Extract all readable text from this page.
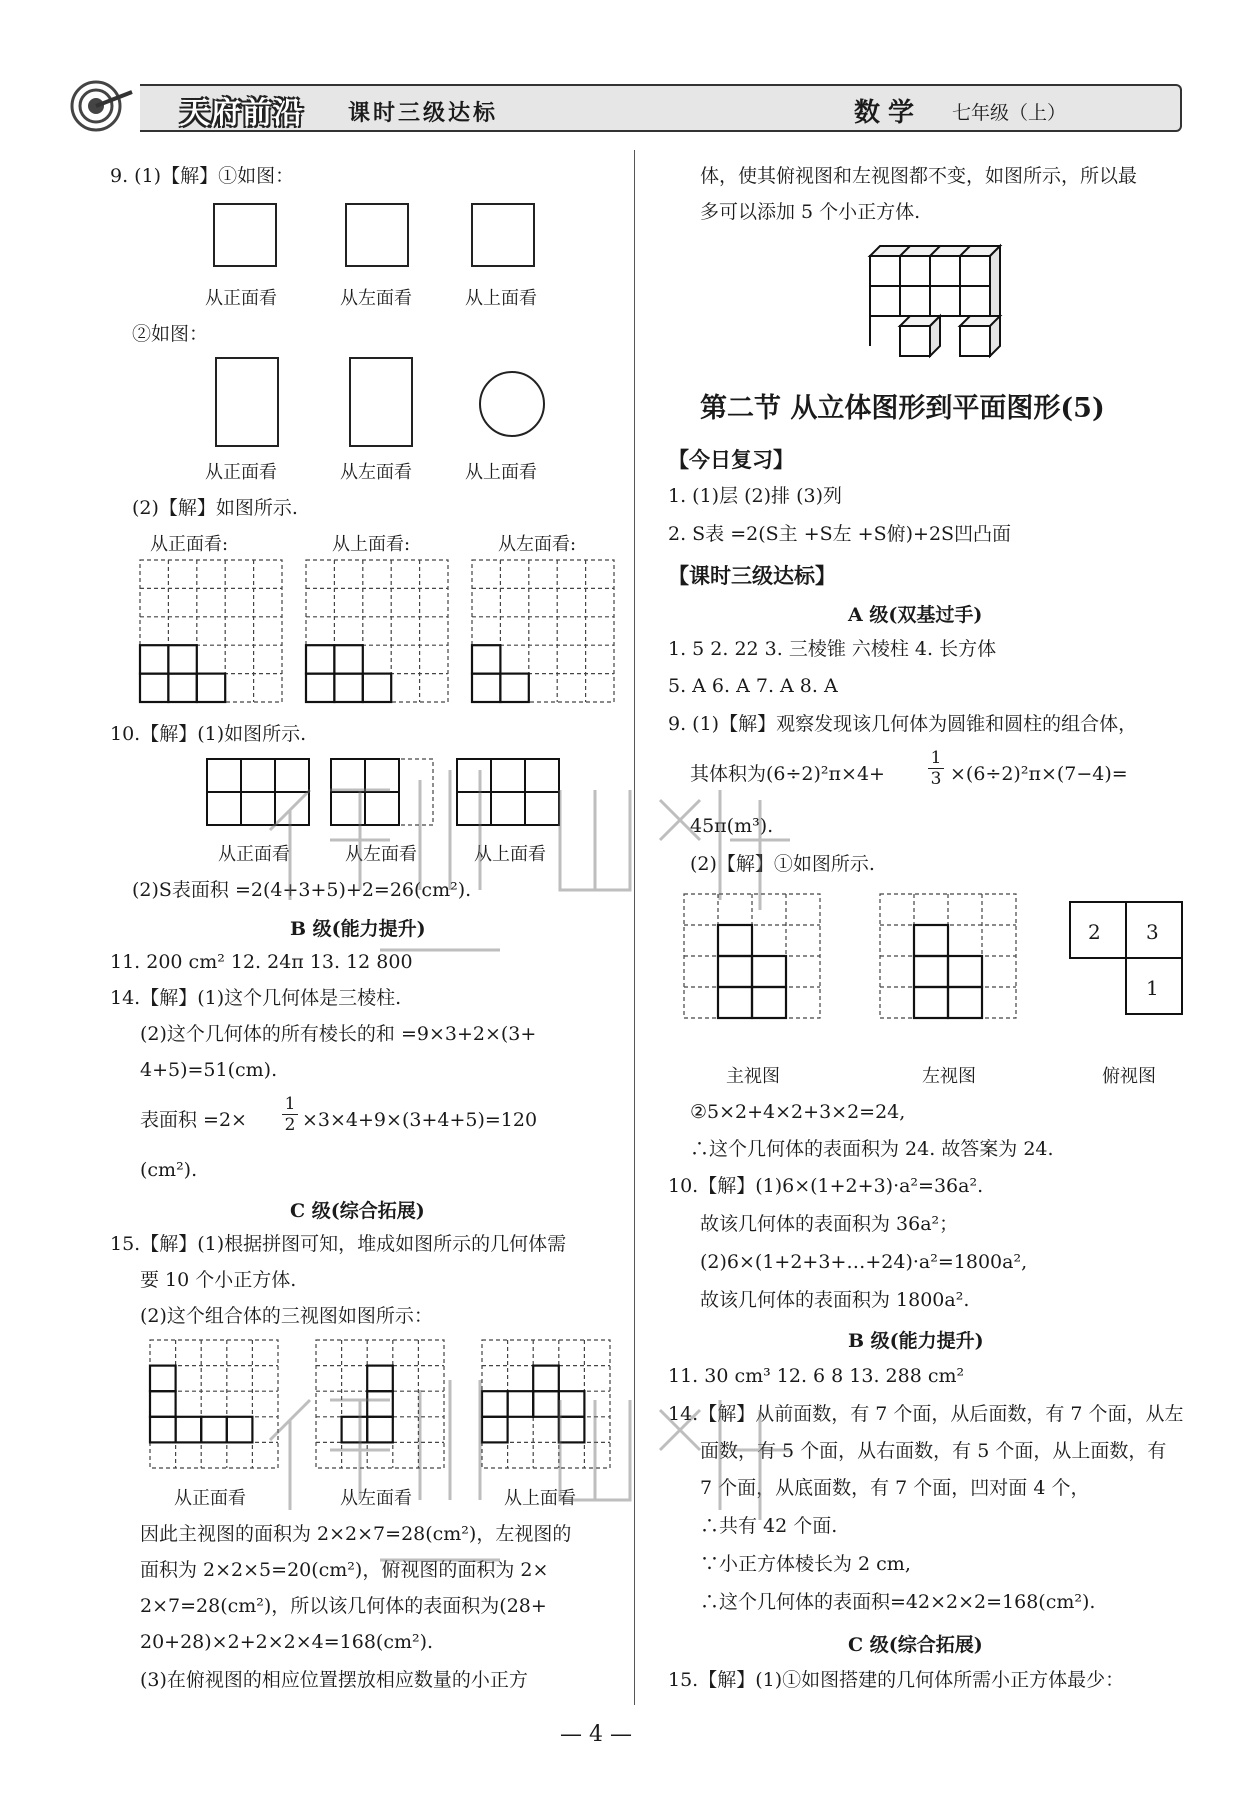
天府前沿 课时三级达标	数学 七年级（上）
9. (1)【解】①如图：
从正面看	从左面看	从上面看
②如图：
从正面看	从左面看	从上面看
(2)【解】如图所示.
从正面看:	从上面看:	从左面看:
10.【解】(1)如图所示.
从正面看	从左面看	从上面看
(2)S表面积 =2(4+3+5)+2=26(cm²).
B 级(能力提升)
11. 200 cm² 12. 24π 13. 12 800
14.【解】(1)这个几何体是三棱柱.
(2)这个几何体的所有棱长的和 =9×3+2×(3+
4+5)=51(cm).
表面积 =2×
1
2 ×3×4+9×(3+4+5)=120
(cm²).
C 级(综合拓展)
15.【解】(1)根据拼图可知，堆成如图所示的几何体需
要 10 个小正方体.
(2)这个组合体的三视图如图所示：
从正面看	从左面看	从上面看
因此主视图的面积为 2×2×7=28(cm²)，左视图的
面积为 2×2×5=20(cm²)，俯视图的面积为 2×
2×7=28(cm²)，所以该几何体的表面积为(28+
20+28)×2+2×2×4=168(cm²).
(3)在俯视图的相应位置摆放相应数量的小正方
体，使其俯视图和左视图都不变，如图所示，所以最
多可以添加 5 个小正方体.
第二节 从立体图形到平面图形(5)
【今日复习】
1. (1)层 (2)排 (3)列
2. S表 =2(S主 +S左 +S俯)+2S凹凸面
【课时三级达标】
A 级(双基过手)
1. 5 2. 22 3. 三棱锥 六棱柱 4. 长方体
5. A 6. A 7. A 8. A
9. (1)【解】观察发现该几何体为圆锥和圆柱的组合体，
其体积为(6÷2)²π×4+
1
3 ×(6÷2)²π×(7−4)=
45π(m³).
(2)【解】①如图所示.
2 3
1
主视图	左视图	俯视图
②5×2+4×2+3×2=24,
∴这个几何体的表面积为 24. 故答案为 24.
10.【解】(1)6×(1+2+3)·a²=36a².
故该几何体的表面积为 36a²；
(2)6×(1+2+3+…+24)·a²=1800a²,
故该几何体的表面积为 1800a².
B 级(能力提升)
11. 30 cm³ 12. 6 8 13. 288 cm²
14.【解】从前面数，有 7 个面，从后面数，有 7 个面，从左
面数，有 5 个面，从右面数，有 5 个面，从上面数，有
7 个面，从底面数，有 7 个面，凹对面 4 个，
∴共有 42 个面.
∵小正方体棱长为 2 cm,
∴这个几何体的表面积=42×2×2=168(cm²).
C 级(综合拓展)
15.【解】(1)①如图搭建的几何体所需小正方体最少：
— 4 —
